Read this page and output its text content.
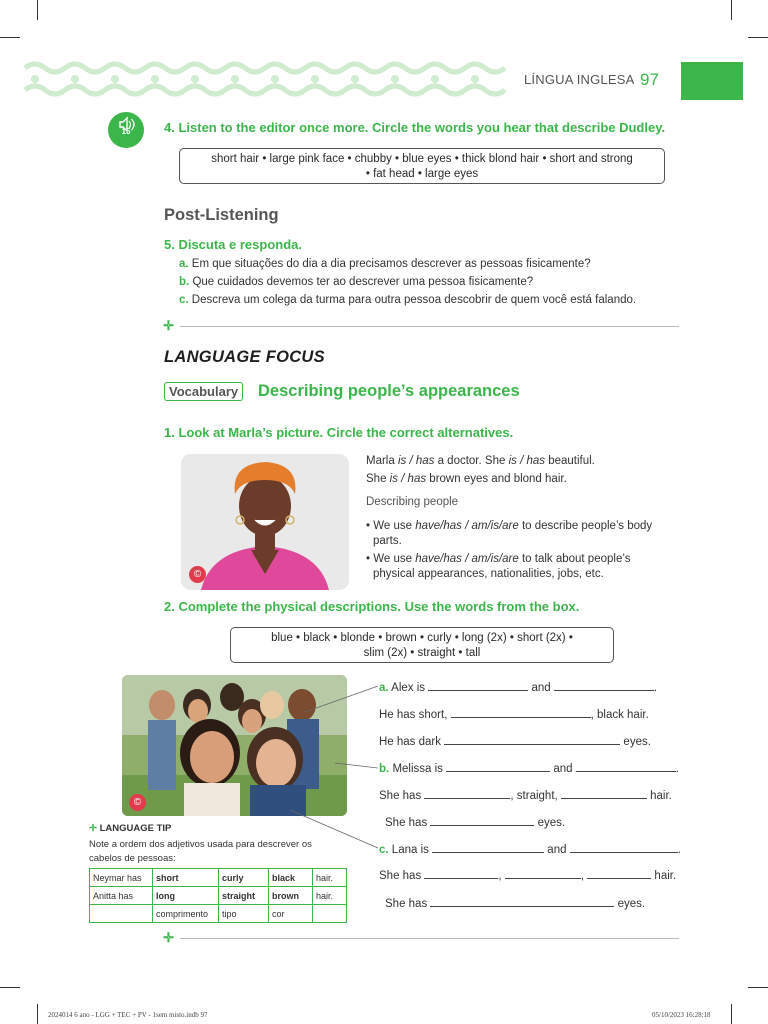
LÍNGUA INGLESA 97
15	4. Listen to the editor once more. Circle the words you hear that describe Dudley.
short hair • large pink face • chubby • blue eyes • thick blond hair • short and strong
• fat head • large eyes
Post-Listening
5. Discuta e responda.
a. Em que situações do dia a dia precisamos descrever as pessoas fisicamente?
b. Que cuidados devemos ter ao descrever uma pessoa fisicamente?
c. Descreva um colega da turma para outra pessoa descobrir de quem você está falando.
✛
LANGUAGE FOCUS
Vocabulary	Describing people’s appearances
1. Look at Marla’s picture. Circle the correct alternatives.
©
Marla is / has a doctor. She is / has beautiful.
She is / has brown eyes and blond hair.
Describing people
• We use have/has / am/is/are to describe people’s body
parts.
• We use have/has / am/is/are to talk about people’s
physical appearances, nationalities, jobs, etc.
2. Complete the physical descriptions. Use the words from the box.
blue • black • blonde • brown • curly • long (2x) • short (2x) •
slim (2x) • straight • tall
©
a. Alex is	and	.
He has short,	, black hair.
He has dark	eyes.
b. Melissa is	and	.
She has	, straight,	hair.
She has	eyes.
c. Lana is	and	.
She has	,	,	hair.
She has	eyes.
✛ LANGUAGE TIP
Note a ordem dos adjetivos usada para descrever os
cabelos de pessoas:
Neymar has	short	curly	black	hair.
Anitta has	long	straight	brown	hair.
	comprimento	tipo	cor	
✛
2024014 6 ano - LGG + TEC + PV - 1sem misto.indb 97	05/10/2023 16:28:18
